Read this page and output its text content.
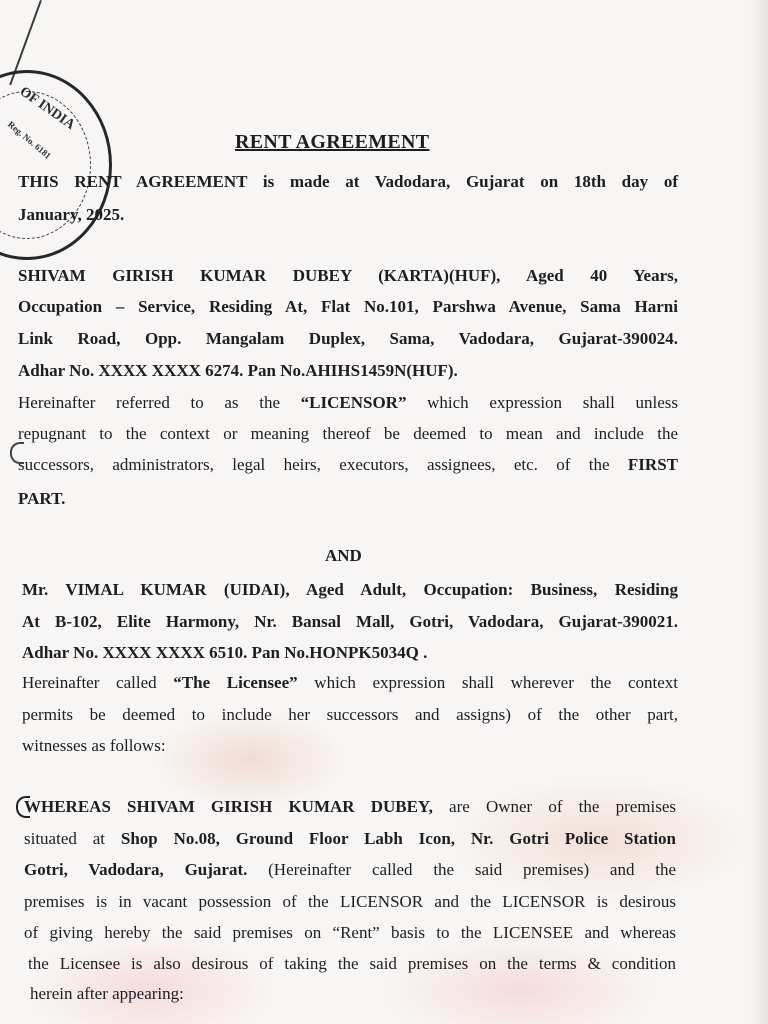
OF INDIA
Reg. No. 6181	RENT AGREEMENT
THIS RENT AGREEMENT is made at Vadodara, Gujarat on 18th day of
January, 2025.
SHIVAM GIRISH KUMAR DUBEY (KARTA)(HUF), Aged 40 Years,
Occupation – Service, Residing At, Flat No.101, Parshwa Avenue, Sama Harni
Link Road, Opp. Mangalam Duplex, Sama, Vadodara, Gujarat-390024.
Adhar No. XXXX XXXX 6274. Pan No.AHIHS1459N(HUF).
Hereinafter referred to as the “LICENSOR” which expression shall unless
repugnant to the context or meaning thereof be deemed to mean and include the
successors, administrators, legal heirs, executors, assignees, etc. of the FIRST
PART.
AND
Mr. VIMAL KUMAR (UIDAI), Aged Adult, Occupation: Business, Residing
At B-102, Elite Harmony, Nr. Bansal Mall, Gotri, Vadodara, Gujarat-390021.
Adhar No. XXXX XXXX 6510. Pan No.HONPK5034Q .
Hereinafter called “The Licensee” which expression shall wherever the context
permits be deemed to include her successors and assigns) of the other part,
witnesses as follows:
WHEREAS SHIVAM GIRISH KUMAR DUBEY, are Owner of the premises
situated at Shop No.08, Ground Floor Labh Icon, Nr. Gotri Police Station
Gotri, Vadodara, Gujarat. (Hereinafter called the said premises) and the
premises is in vacant possession of the LICENSOR and the LICENSOR is desirous
of giving hereby the said premises on “Rent” basis to the LICENSEE and whereas
the Licensee is also desirous of taking the said premises on the terms & condition
herein after appearing:
